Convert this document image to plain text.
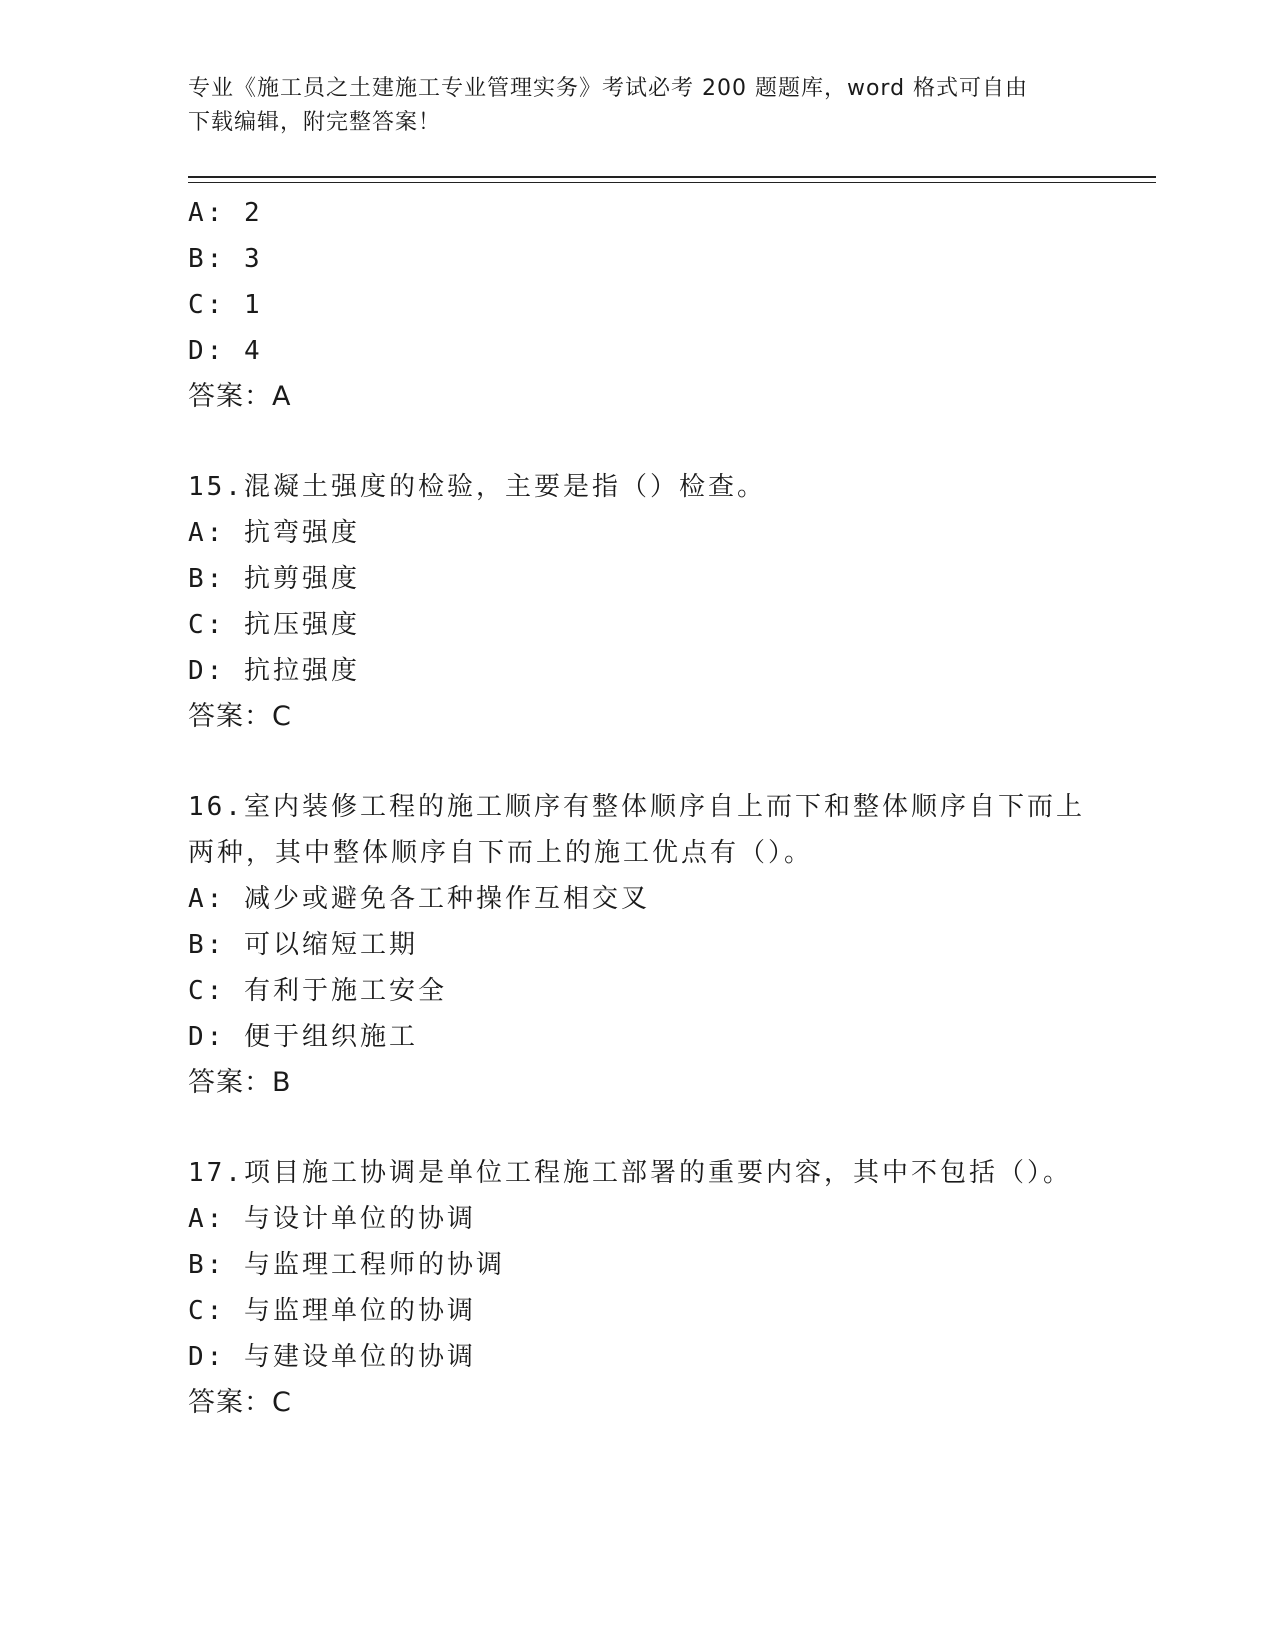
专业《施工员之土建施工专业管理实务》考试必考 200 题题库，word 格式可自由
下载编辑，附完整答案！
A: 2
B: 3
C: 1
D: 4
答案：A
15.混凝土强度的检验，主要是指（）检查。
A: 抗弯强度
B: 抗剪强度
C: 抗压强度
D: 抗拉强度
答案：C
16.室内装修工程的施工顺序有整体顺序自上而下和整体顺序自下而上
两种，其中整体顺序自下而上的施工优点有（）。
A: 减少或避免各工种操作互相交叉
B: 可以缩短工期
C: 有利于施工安全
D: 便于组织施工
答案：B
17.项目施工协调是单位工程施工部署的重要内容，其中不包括（）。
A: 与设计单位的协调
B: 与监理工程师的协调
C: 与监理单位的协调
D: 与建设单位的协调
答案：C
